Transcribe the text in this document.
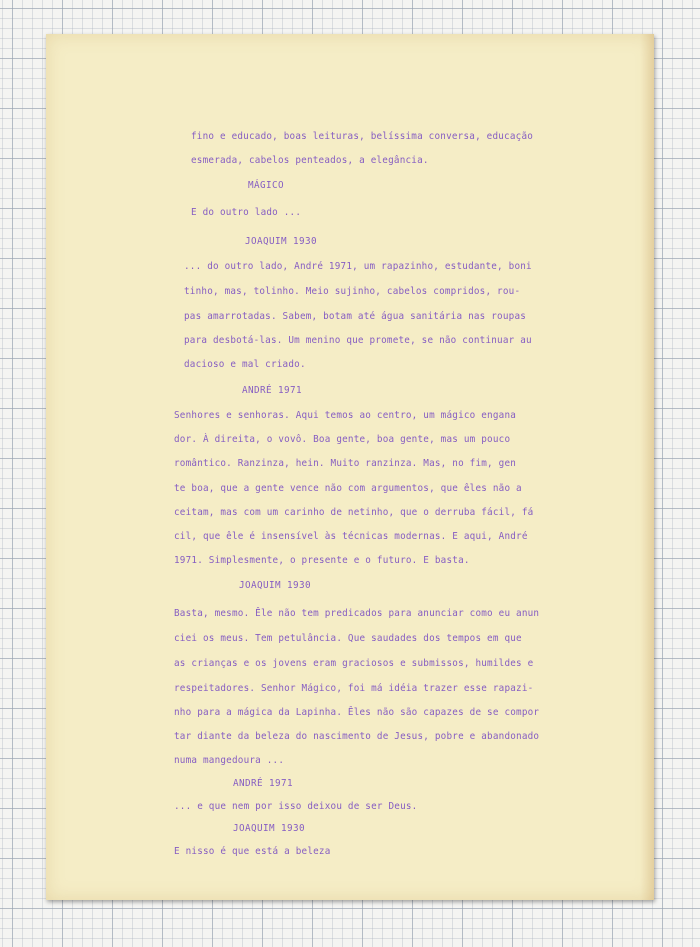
fino e educado, boas leituras, belíssima conversa, educação

esmerada, cabelos penteados, a elegância.

MÁGICO

E do outro lado ...

JOAQUIM 1930

... do outro lado, André 1971, um rapazinho, estudante, boni

tinho, mas, tolinho. Meio sujinho, cabelos compridos, rou-

pas amarrotadas. Sabem, botam até água sanitária nas roupas

para desbotá-las. Um menino que promete, se não continuar au

dacioso e mal criado.

ANDRÉ 1971

Senhores e senhoras. Aqui temos ao centro, um mágico engana

dor. À direita, o vovô. Boa gente, boa gente, mas um pouco

romântico. Ranzinza, hein. Muito ranzinza. Mas, no fim, gen

te boa, que a gente vence não com argumentos, que êles não a

ceitam, mas com um carinho de netinho, que o derruba fácil, fá

cil, que êle é insensível às técnicas modernas. E aqui, André

1971. Simplesmente, o presente e o futuro. E basta.

JOAQUIM 1930

Basta, mesmo. Êle não tem predicados para anunciar como eu anun

ciei os meus. Tem petulância. Que saudades dos tempos em que

as crianças e os jovens eram graciosos e submissos, humildes e

respeitadores. Senhor Mágico, foi má idéia trazer esse rapazi-

nho para a mágica da Lapinha. Êles não são capazes de se compor

tar diante da beleza do nascimento de Jesus, pobre e abandonado

numa mangedoura ...

ANDRÉ 1971

... e que nem por isso deixou de ser Deus.

JOAQUIM 1930

E nisso é que está a beleza
